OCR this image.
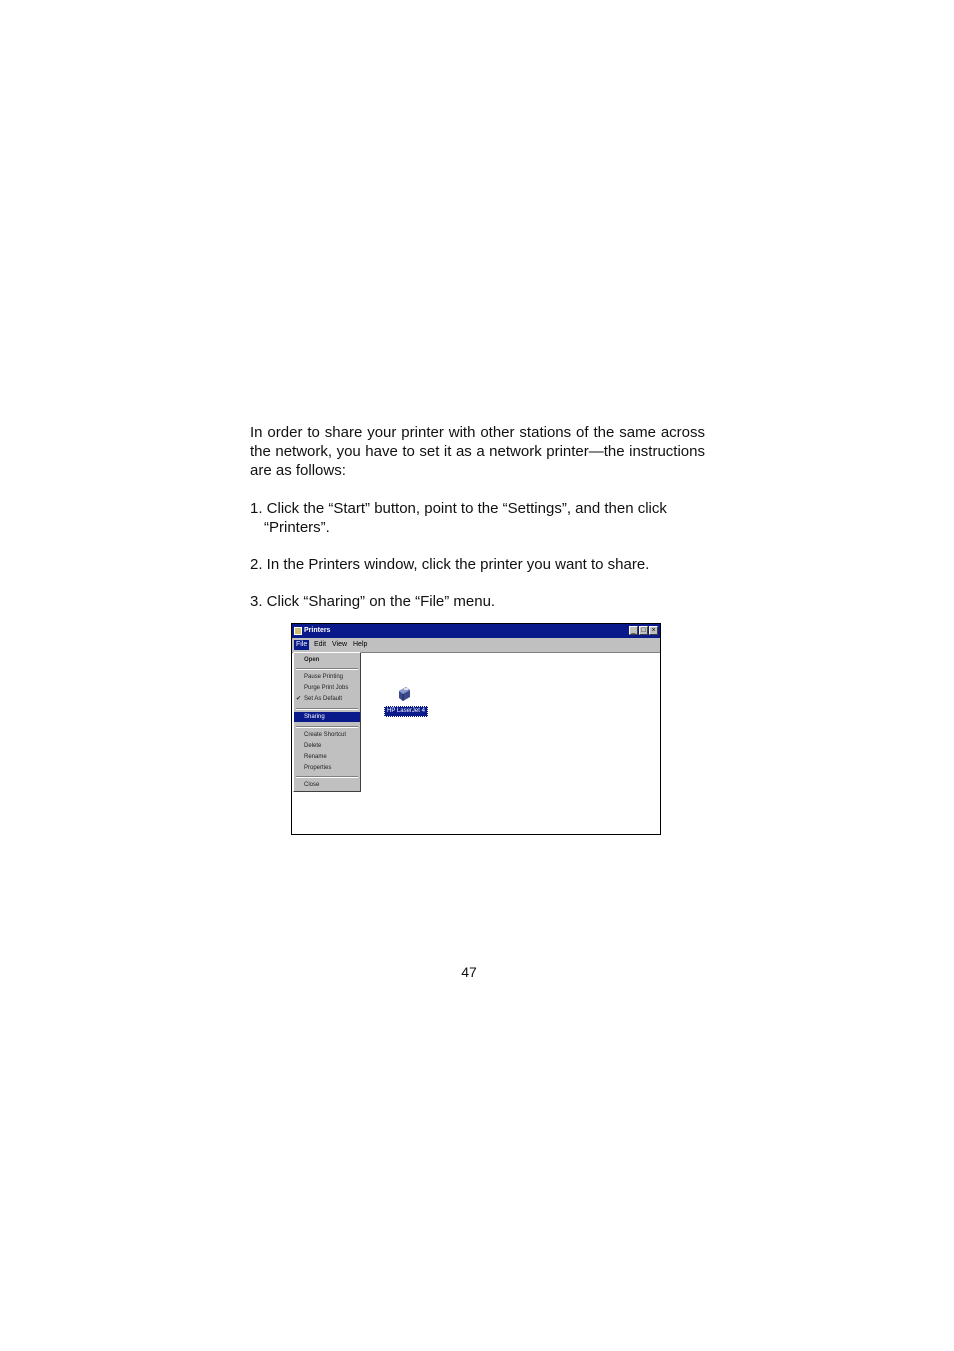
In order to share your printer with other stations of the same across the network, you have to set it as a network printer—the instructions are as follows:

1. Click the “Start” button, point to the “Settings”, and then click
“Printers”.
2. In the Printers window, click the printer you want to share.
3. Click “Sharing” on the “File” menu.
Printers	_ □ ×
File Edit View Help
HP LaserJet 4
Open
Pause Printing
Purge Print Jobs
✔ Set As Default
Sharing
Create Shortcut
Delete
Rename
Properties
Close
47
